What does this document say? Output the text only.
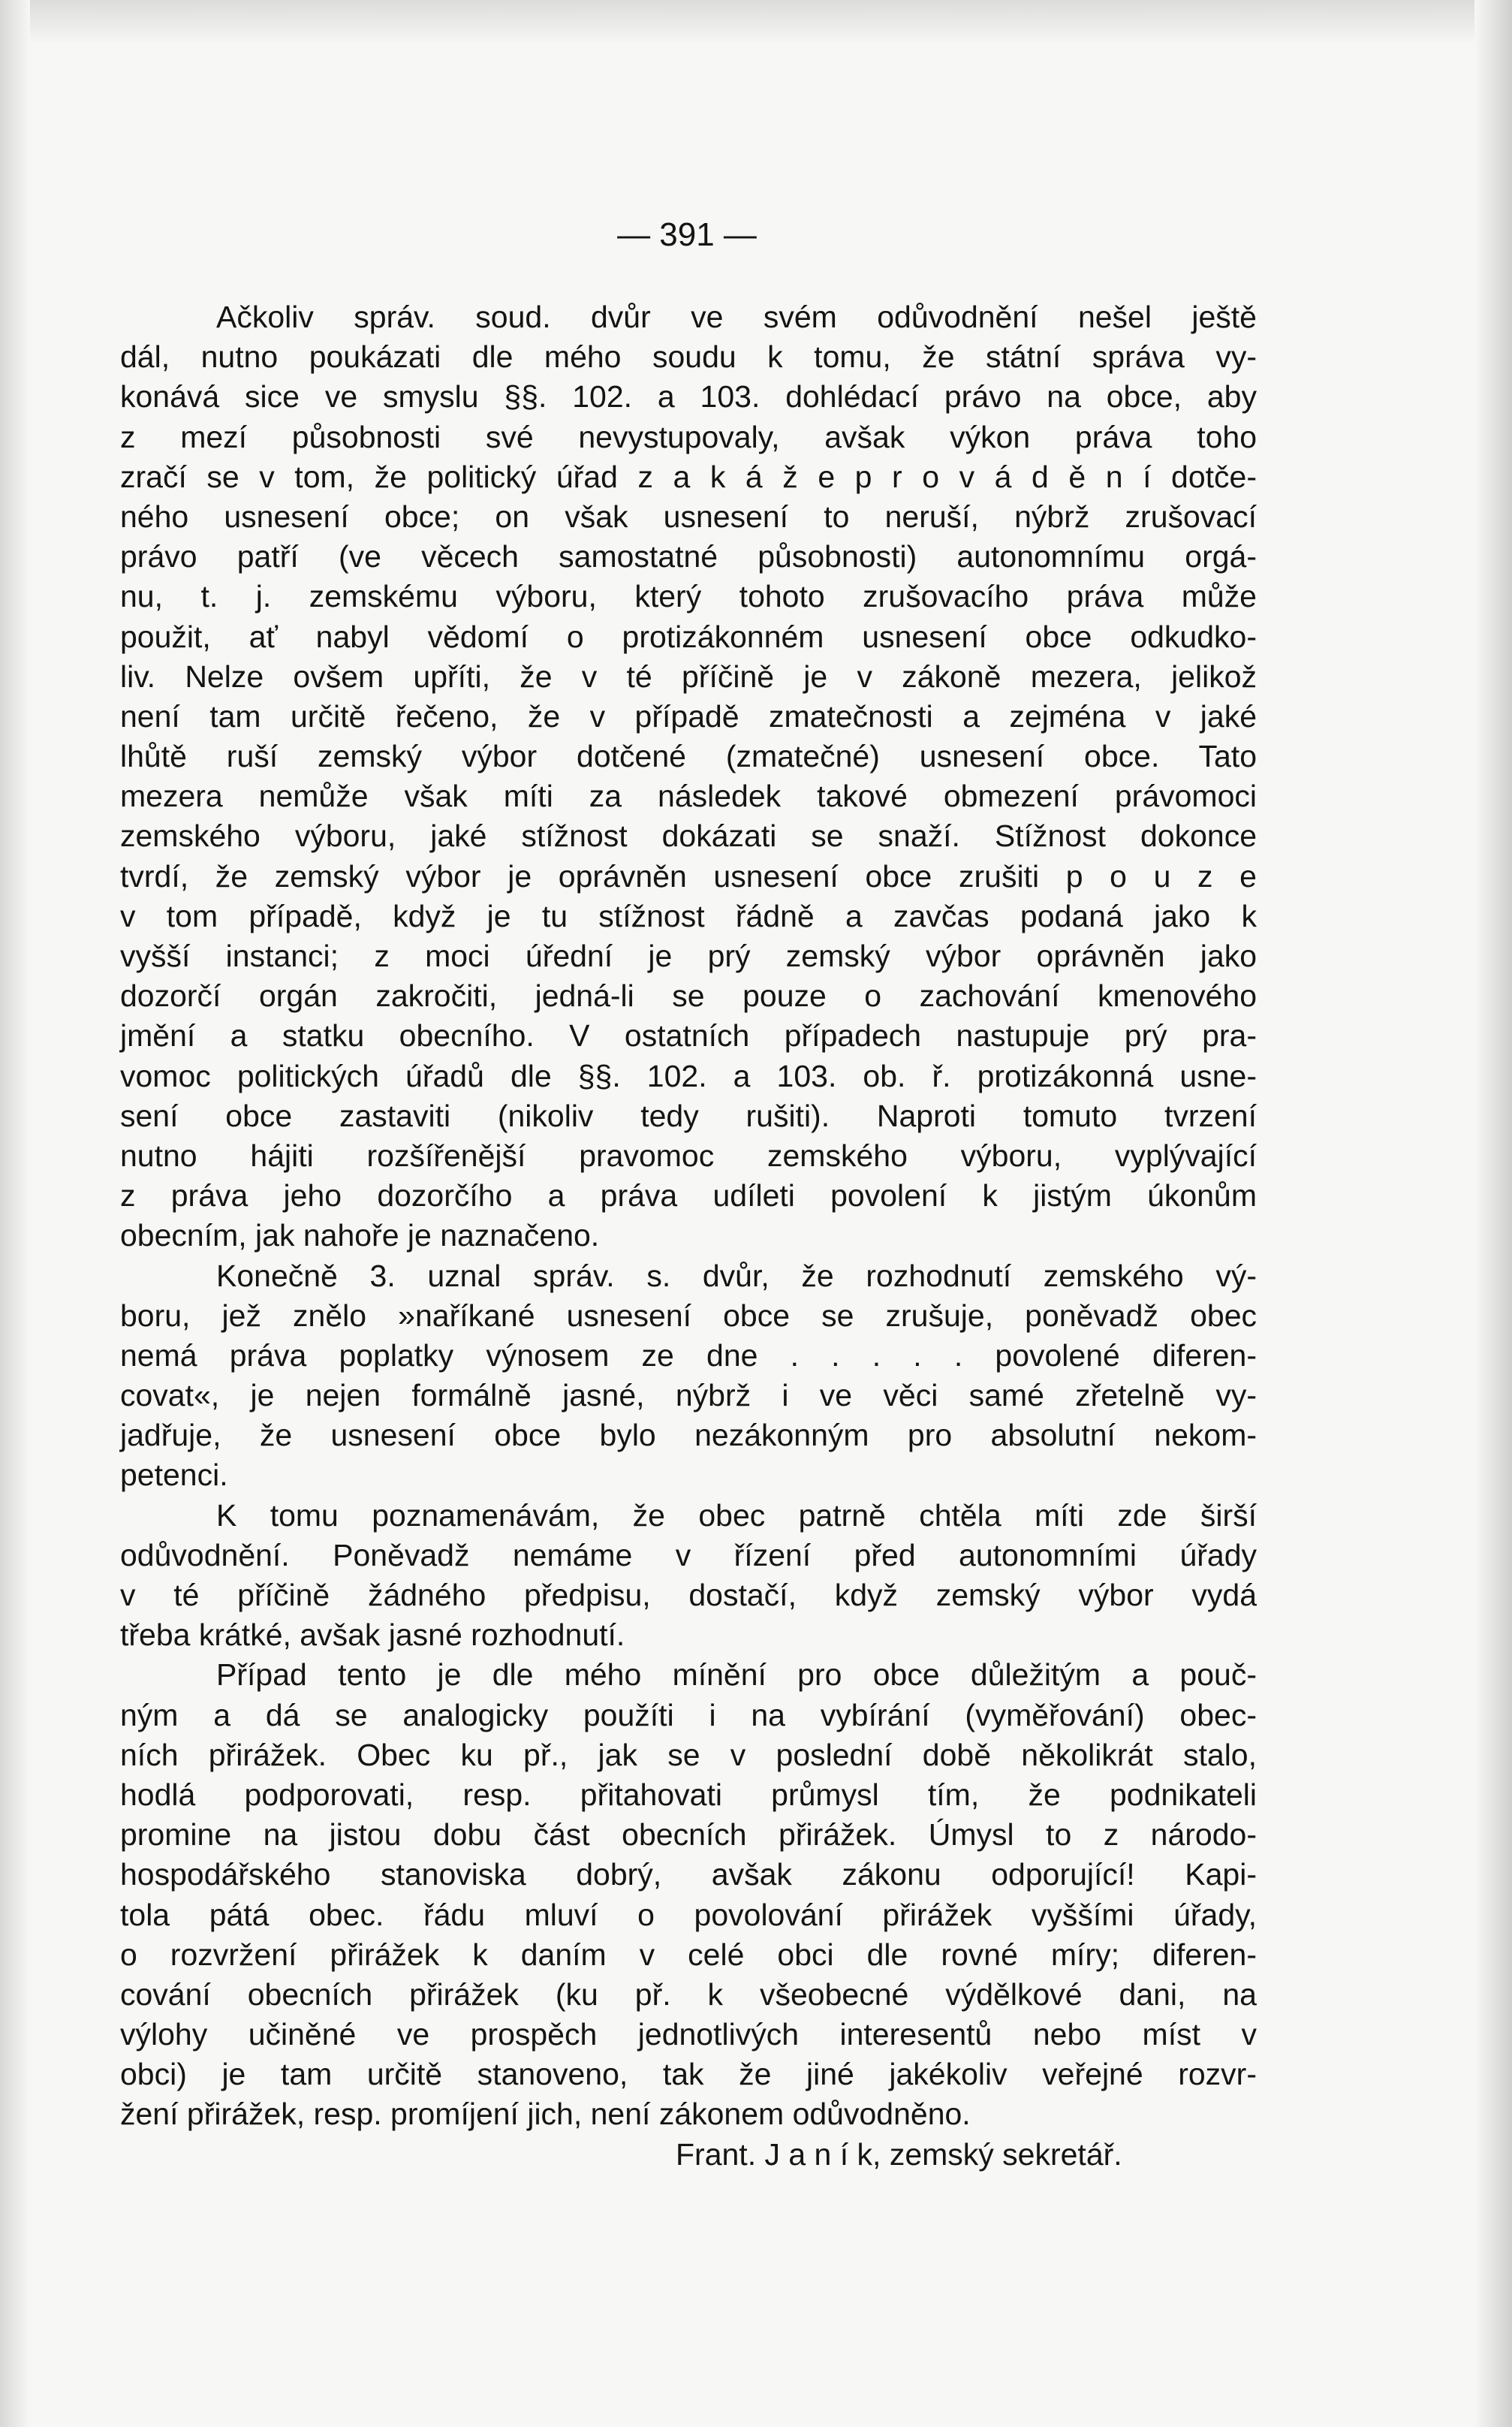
— 391 —
Ačkoliv správ. soud. dvůr ve svém odůvodnění nešel ještě
dál, nutno poukázati dle mého soudu k tomu, že státní správa vy-
konává sice ve smyslu §§. 102. a 103. dohlédací právo na obce, aby
z mezí působnosti své nevystupovaly, avšak výkon práva toho
zračí se v tom, že politický úřad z a k á ž e p r o v á d ě n í dotče-
ného usnesení obce; on však usnesení to neruší, nýbrž zrušovací
právo patří (ve věcech samostatné působnosti) autonomnímu orgá-
nu, t. j. zemskému výboru, který tohoto zrušovacího práva může
použit, ať nabyl vědomí o protizákonném usnesení obce odkudko-
liv. Nelze ovšem upříti, že v té příčině je v zákoně mezera, jelikož
není tam určitě řečeno, že v případě zmatečnosti a zejména v jaké
lhůtě ruší zemský výbor dotčené (zmatečné) usnesení obce. Tato
mezera nemůže však míti za následek takové obmezení právomoci
zemského výboru, jaké stížnost dokázati se snaží. Stížnost dokonce
tvrdí, že zemský výbor je oprávněn usnesení obce zrušiti p o u z e
v tom případě, když je tu stížnost řádně a zavčas podaná jako k
vyšší instanci; z moci úřední je prý zemský výbor oprávněn jako
dozorčí orgán zakročiti, jedná-li se pouze o zachování kmenového
jmění a statku obecního. V ostatních případech nastupuje prý pra-
vomoc politických úřadů dle §§. 102. a 103. ob. ř. protizákonná usne-
sení obce zastaviti (nikoliv tedy rušiti). Naproti tomuto tvrzení
nutno hájiti rozšířenější pravomoc zemského výboru, vyplývající
z práva jeho dozorčího a práva udíleti povolení k jistým úkonům
obecním, jak nahoře je naznačeno.
Konečně 3. uznal správ. s. dvůr, že rozhodnutí zemského vý-
boru, jež znělo »naříkané usnesení obce se zrušuje, poněvadž obec
nemá práva poplatky výnosem ze dne . . . . . povolené diferen-
covat«, je nejen formálně jasné, nýbrž i ve věci samé zřetelně vy-
jadřuje, že usnesení obce bylo nezákonným pro absolutní nekom-
petenci.
K tomu poznamenávám, že obec patrně chtěla míti zde širší
odůvodnění. Poněvadž nemáme v řízení před autonomními úřady
v té příčině žádného předpisu, dostačí, když zemský výbor vydá
třeba krátké, avšak jasné rozhodnutí.
Případ tento je dle mého mínění pro obce důležitým a pouč-
ným a dá se analogicky použíti i na vybírání (vyměřování) obec-
ních přirážek. Obec ku př., jak se v poslední době několikrát stalo,
hodlá podporovati, resp. přitahovati průmysl tím, že podnikateli
promine na jistou dobu část obecních přirážek. Úmysl to z národo-
hospodářského stanoviska dobrý, avšak zákonu odporující! Kapi-
tola pátá obec. řádu mluví o povolování přirážek vyššími úřady,
o rozvržení přirážek k daním v celé obci dle rovné míry; diferen-
cování obecních přirážek (ku př. k všeobecné výdělkové dani, na
výlohy učiněné ve prospěch jednotlivých interesentů nebo míst v
obci) je tam určitě stanoveno, tak že jiné jakékoliv veřejné rozvr-
žení přirážek, resp. promíjení jich, není zákonem odůvodněno.
Frant. J a n í k, zemský sekretář.
